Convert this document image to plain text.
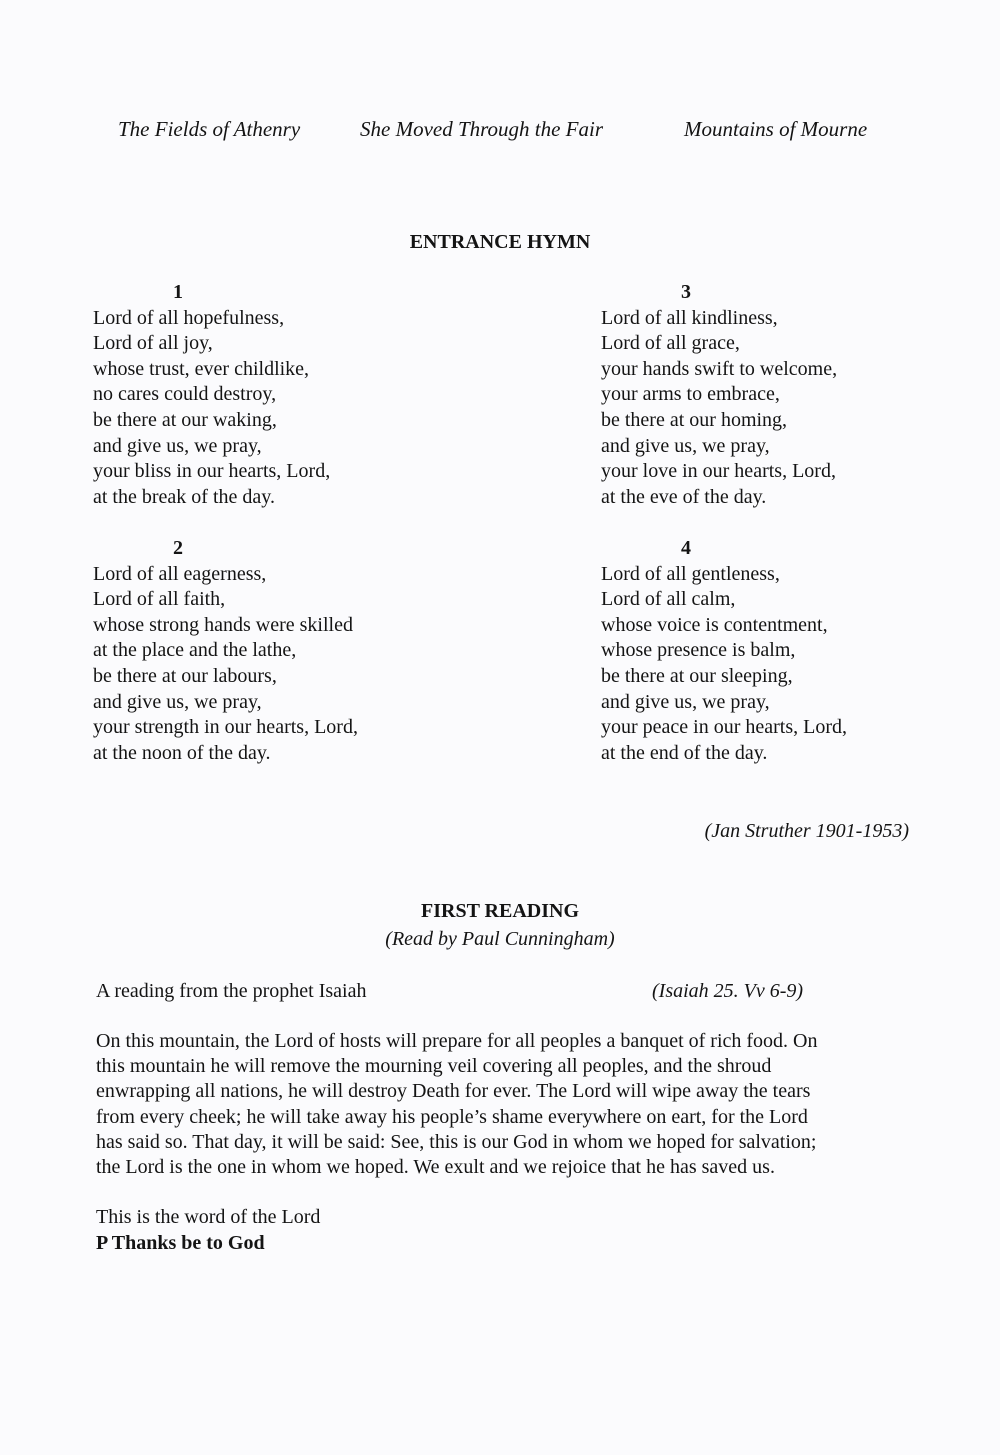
The Fields of Athenry	She Moved Through the Fair	Mountains of Mourne
ENTRANCE HYMN
1
Lord of all hopefulness,
Lord of all joy,
whose trust, ever childlike,
no cares could destroy,
be there at our waking,
and give us, we pray,
your bliss in our hearts, Lord,
at the break of the day.
2
Lord of all eagerness,
Lord of all faith,
whose strong hands were skilled
at the place and the lathe,
be there at our labours,
and give us, we pray,
your strength in our hearts, Lord,
at the noon of the day.
3
Lord of all kindliness,
Lord of all grace,
your hands swift to welcome,
your arms to embrace,
be there at our homing,
and give us, we pray,
your love in our hearts, Lord,
at the eve of the day.
4
Lord of all gentleness,
Lord of all calm,
whose voice is contentment,
whose presence is balm,
be there at our sleeping,
and give us, we pray,
your peace in our hearts, Lord,
at the end of the day.
(Jan Struther 1901-1953)
FIRST READING
(Read by Paul Cunningham)
A reading from the prophet Isaiah	(Isaiah 25. Vv 6-9)
On this mountain, the Lord of hosts will prepare for all peoples a banquet of rich food. On
this mountain he will remove the mourning veil covering all peoples, and the shroud
enwrapping all nations, he will destroy Death for ever. The Lord will wipe away the tears
from every cheek; he will take away his people’s shame everywhere on eart, for the Lord
has said so. That day, it will be said: See, this is our God in whom we hoped for salvation;
the Lord is the one in whom we hoped. We exult and we rejoice that he has saved us.
This is the word of the Lord
P Thanks be to God
